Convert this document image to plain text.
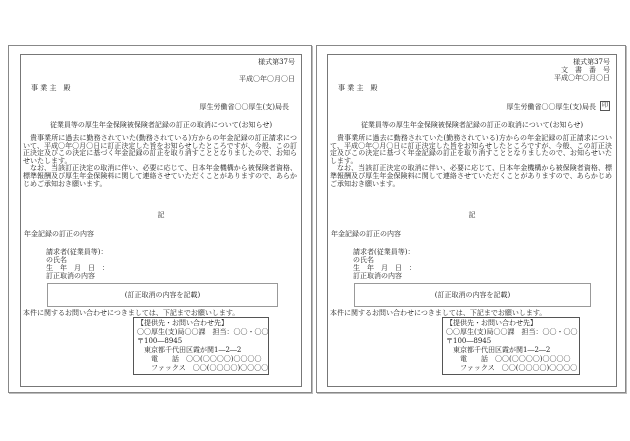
様式第37号
平成〇年〇月〇日
事 業 主　殿
厚生労働省〇〇厚生(支)局長
従業員等の厚生年金保険被保険者記録の訂正の取消について(お知らせ)

貴事業所に過去に勤務されていた(勤務されている)方からの年金記録の訂正請求について、平成〇年〇月〇日に訂正決定した旨をお知らせしたところですが、今般、この訂正決定及びこの決定に基づく年金記録の訂正を取り消すこととなりましたので、お知らせいたします。

なお、当該訂正決定の取消に伴い、必要に応じて、日本年金機構から被保険者資格、標準報酬及び厚生年金保険料に関して連絡させていただくことがありますので、あらかじめご承知おき願います。

記
年金記録の訂正の内容
請求者(従業員等)：
の氏名
生　年　月　日　：
訂正取消の内容
(訂正取消の内容を記載)
本件に関するお問い合わせにつきましては、下記までお願いします。
【提供先・お問い合わせ先】
〇〇厚生(支)局〇〇課　担当：〇〇・〇〇
〒100―8945
　東京都千代田区霞が関1―2―2
　　電　　話　〇〇(〇〇〇〇)〇〇〇〇
　　ファックス　〇〇(〇〇〇〇)〇〇〇〇
様式第37号
文　書　番　号
平成〇年〇月〇日
事 業 主　殿
厚生労働省〇〇厚生(支)局長 印
従業員等の厚生年金保険被保険者記録の訂正の取消について(お知らせ)

貴事業所に過去に勤務されていた(勤務されている)方からの年金記録の訂正請求について、平成〇年〇月〇日に訂正決定した旨をお知らせしたところですが、今般、この訂正決定及びこの決定に基づく年金記録の訂正を取り消すこととなりましたので、お知らせいたします。

なお、当該訂正決定の取消に伴い、必要に応じて、日本年金機構から被保険者資格、標準報酬及び厚生年金保険料に関して連絡させていただくことがありますので、あらかじめご承知おき願います。

記
年金記録の訂正の内容
請求者(従業員等)：
の氏名
生　年　月　日　：
訂正取消の内容
(訂正取消の内容を記載)
本件に関するお問い合わせにつきましては、下記までお願いします。
【提供先・お問い合わせ先】
〇〇厚生(支)局〇〇課　担当：〇〇・〇〇
〒100―8945
　東京都千代田区霞が関1―2―2
　　電　　話　〇〇(〇〇〇〇)〇〇〇〇
　　ファックス　〇〇(〇〇〇〇)〇〇〇〇
